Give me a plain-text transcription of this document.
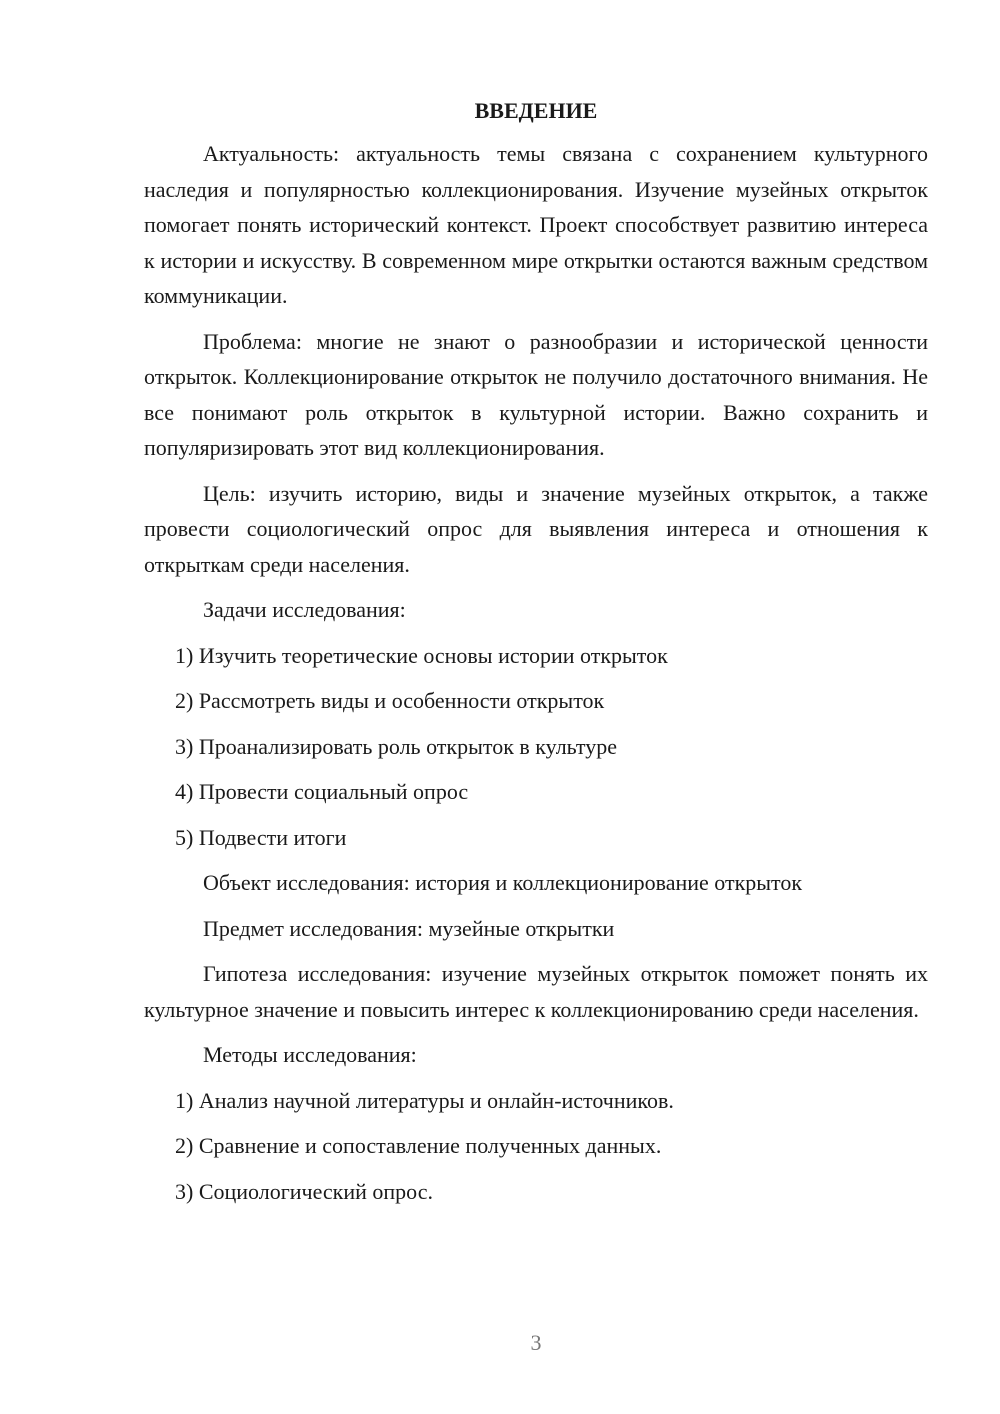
ВВЕДЕНИЕ

Актуальность: актуальность темы связана с сохранением культурного наследия и популярностью коллекционирования. Изучение музейных открыток помогает понять исторический контекст. Проект способствует развитию интереса к истории и искусству. В современном мире открытки остаются важным средством коммуникации.

Проблема: многие не знают о разнообразии и исторической ценности открыток. Коллекционирование открыток не получило достаточного внимания. Не все понимают роль открыток в культурной истории. Важно сохранить и популяризировать этот вид коллекционирования.

Цель: изучить историю, виды и значение музейных открыток, а также провести социологический опрос для выявления интереса и отношения к открыткам среди населения.

Задачи исследования:
1) Изучить теоретические основы истории открыток
2) Рассмотреть виды и особенности открыток
3) Проанализировать роль открыток в культуре
4) Провести социальный опрос
5) Подвести итоги
Объект исследования: история и коллекционирование открыток
Предмет исследования: музейные открытки

Гипотеза исследования: изучение музейных открыток поможет понять их культурное значение и повысить интерес к коллекционированию среди населения.

Методы исследования:
1) Анализ научной литературы и онлайн-источников.
2) Сравнение и сопоставление полученных данных.
3) Социологический опрос.
3
